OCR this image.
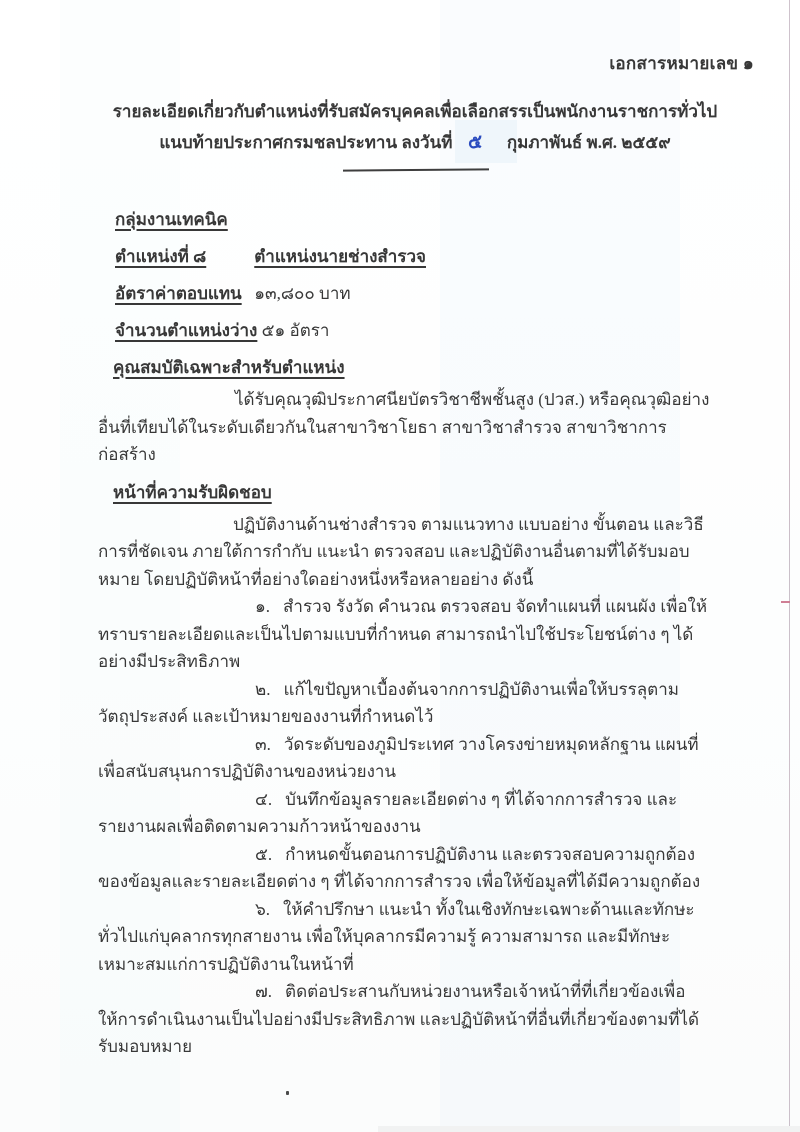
เอกสารหมายเลข ๑
รายละเอียดเกี่ยวกับตำแหน่งที่รับสมัครบุคคลเพื่อเลือกสรรเป็นพนักงานราชการทั่วไป
แนบท้ายประกาศกรมชลประทาน ลงวันที่ ๕ กุมภาพันธ์ พ.ศ. ๒๕๕๙
กลุ่มงานเทคนิค
ตำแหน่งที่ ๘	ตำแหน่งนายช่างสำรวจ
อัตราค่าตอบแทน ๑๓,๘๐๐ บาท
จำนวนตำแหน่งว่าง ๕๑ อัตรา
คุณสมบัติเฉพาะสำหรับตำแหน่ง

ได้รับคุณวุฒิประกาศนียบัตรวิชาชีพชั้นสูง (ปวส.) หรือคุณวุฒิอย่างอื่นที่เทียบได้ในระดับเดียวกันในสาขาวิชาโยธา สาขาวิชาสำรวจ สาขาวิชาการก่อสร้าง

หน้าที่ความรับผิดชอบ

ปฏิบัติงานด้านช่างสำรวจ ตามแนวทาง แบบอย่าง ขั้นตอน และวิธีการที่ชัดเจน ภายใต้การกำกับ แนะนำ ตรวจสอบ และปฏิบัติงานอื่นตามที่ได้รับมอบหมาย โดยปฏิบัติหน้าที่อย่างใดอย่างหนึ่งหรือหลายอย่าง ดังนี้

๑. สำรวจ รังวัด คำนวณ ตรวจสอบ จัดทำแผนที่ แผนผัง เพื่อให้ทราบรายละเอียดและเป็นไปตามแบบที่กำหนด สามารถนำไปใช้ประโยชน์ต่าง ๆ ได้อย่างมีประสิทธิภาพ

๒. แก้ไขปัญหาเบื้องต้นจากการปฏิบัติงานเพื่อให้บรรลุตามวัตถุประสงค์ และเป้าหมายของงานที่กำหนดไว้

๓. วัดระดับของภูมิประเทศ วางโครงข่ายหมุดหลักฐาน แผนที่ เพื่อสนับสนุนการปฏิบัติงานของหน่วยงาน

๔. บันทึกข้อมูลรายละเอียดต่าง ๆ ที่ได้จากการสำรวจ และรายงานผลเพื่อติดตามความก้าวหน้าของงาน

๕. กำหนดขั้นตอนการปฏิบัติงาน และตรวจสอบความถูกต้องของข้อมูลและรายละเอียดต่าง ๆ ที่ได้จากการสำรวจ เพื่อให้ข้อมูลที่ได้มีความถูกต้อง

๖. ให้คำปรึกษา แนะนำ ทั้งในเชิงทักษะเฉพาะด้านและทักษะทั่วไปแก่บุคลากรทุกสายงาน เพื่อให้บุคลากรมีความรู้ ความสามารถ และมีทักษะเหมาะสมแก่การปฏิบัติงานในหน้าที่

๗. ติดต่อประสานกับหน่วยงานหรือเจ้าหน้าที่ที่เกี่ยวข้องเพื่อให้การดำเนินงานเป็นไปอย่างมีประสิทธิภาพ และปฏิบัติหน้าที่อื่นที่เกี่ยวข้องตามที่ได้รับมอบหมาย
